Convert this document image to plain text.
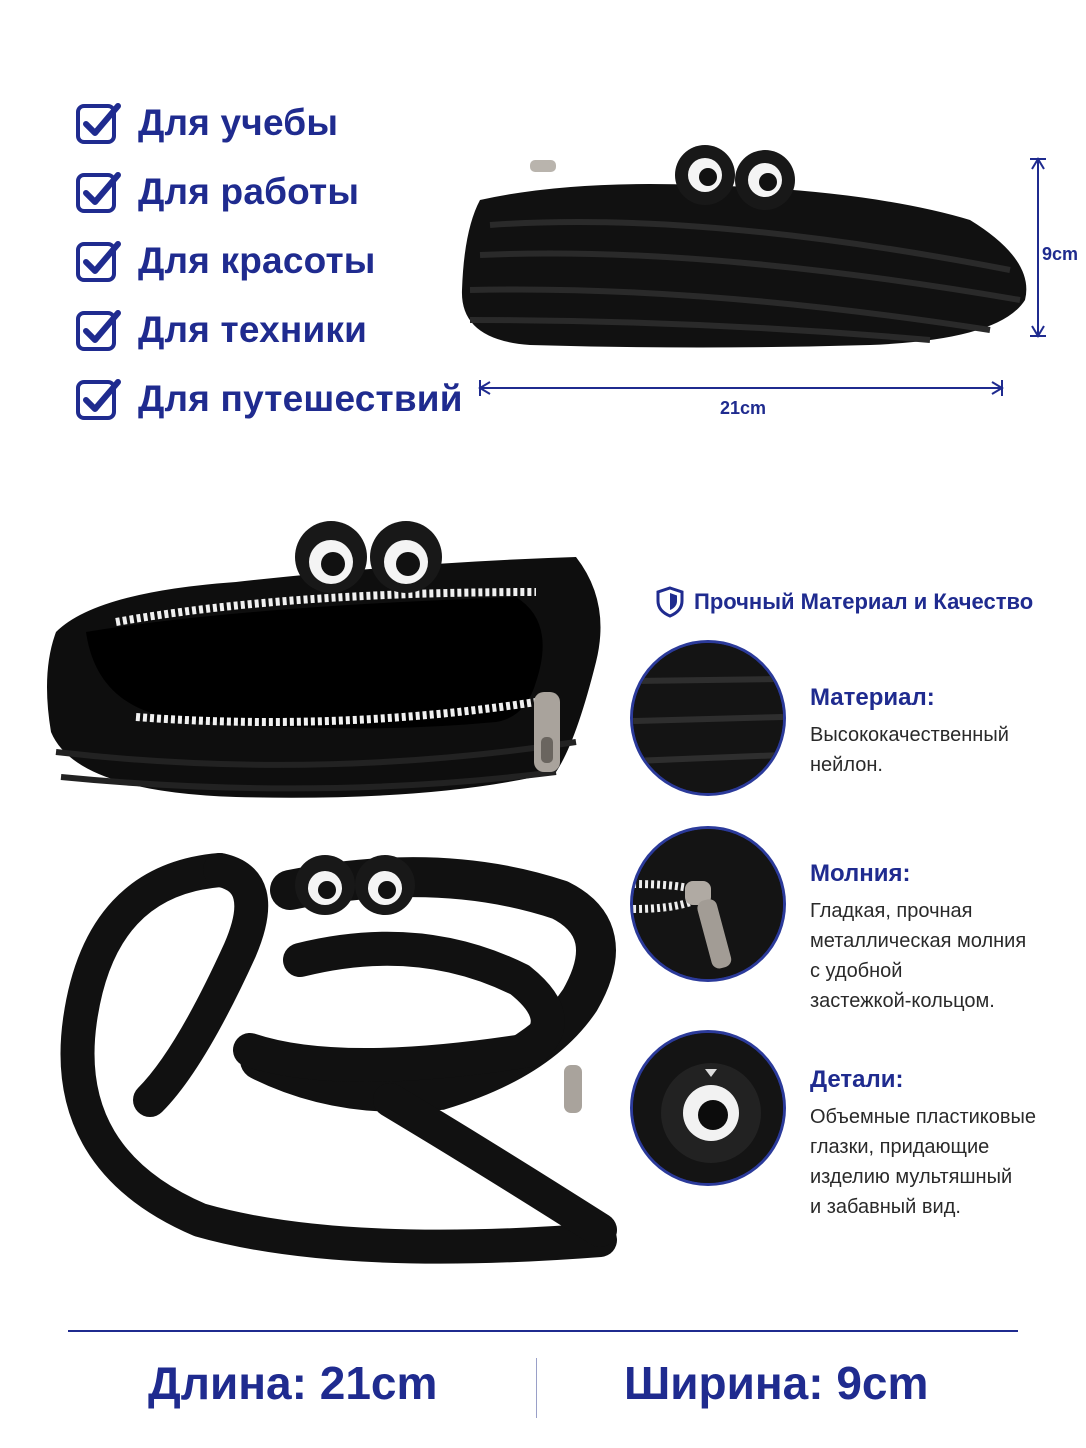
Для учебы
Для работы
Для красоты
Для техники
Для путешествий
9cm
21cm
Прочный Материал и Качество
Материал:
Высококачественный
нейлон.
Молния:
Гладкая, прочная
металлическая молния
с удобной
застежкой-кольцом.
Детали:
Объемные пластиковые
глазки, придающие
изделию мультяшный
и забавный вид.
Длина: 21cm	Ширина: 9cm
